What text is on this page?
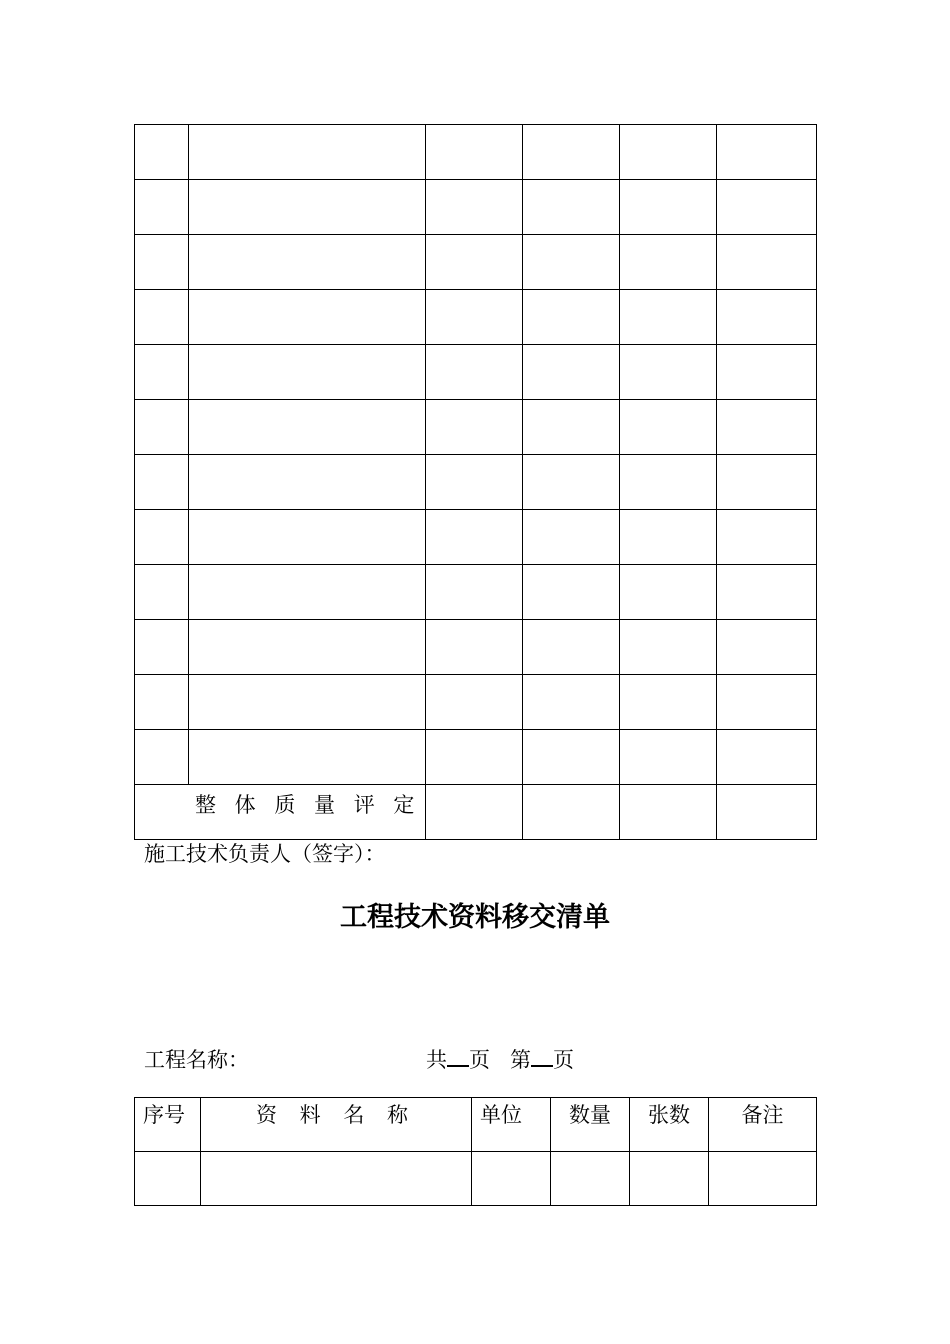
整 体 质 量 评 定					
施工技术负责人（签字）：
工程技术资料移交清单
工程名称：	共 页 第 页
序号	资 料 名 称	单位	数量	张数	备注
